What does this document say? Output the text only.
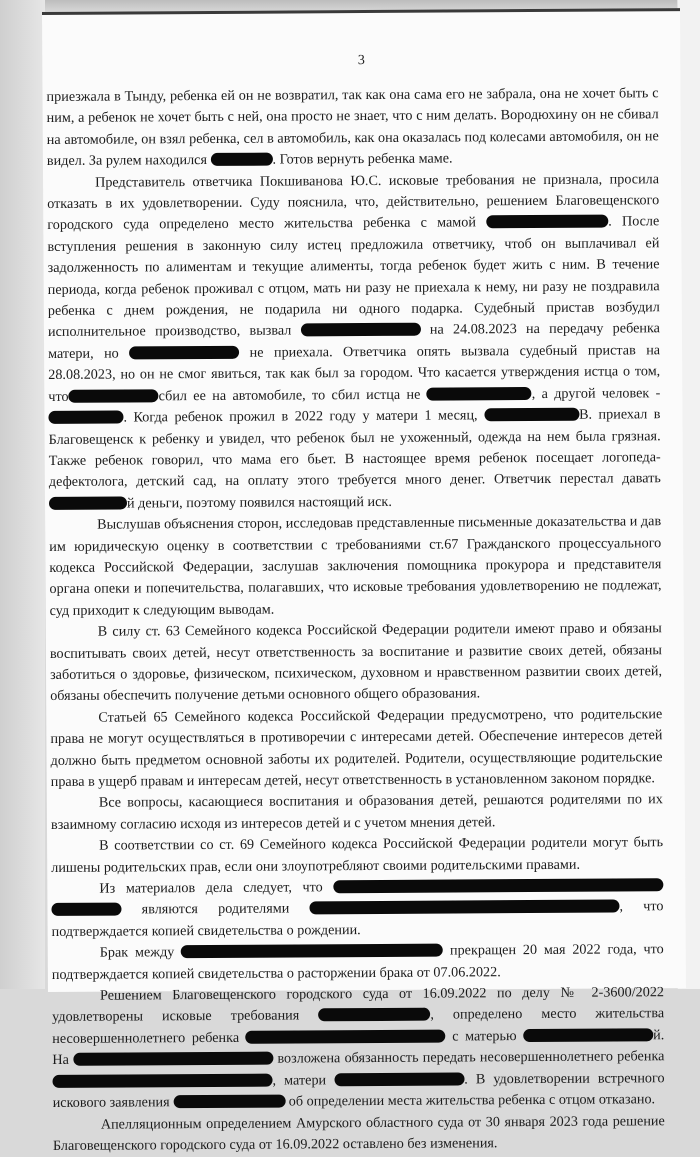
3

приезжала в Тынду, ребенка ей он не возвратил, так как она сама его не забрала, она не хочет быть с ним, а ребенок не хочет быть с ней, она просто не знает, что с ним делать. Вородюхину он не сбивал на автомобиле, он взял ребенка, сел в автомобиль, как она оказалась под колесами автомобиля, он не видел. За рулем находился	. Готов вернуть ребенка маме.

Представитель ответчика Покшиванова Ю.С. исковые требования не признала, просила отказать в их удовлетворении. Суду пояснила, что, действительно, решением Благовещенского городского суда определено место жительства ребенка с мамой	. После вступления решения в законную силу истец предложила ответчику, чтоб он выплачивал ей задолженность по алиментам и текущие алименты, тогда ребенок будет жить с ним. В течение периода, когда ребенок проживал с отцом, мать ни разу не приехала к нему, ни разу не поздравила ребенка с днем рождения, не подарила ни одного подарка. Судебный пристав возбудил исполнительное производство, вызвал	на 24.08.2023 на передачу ребенка матери, но	не приехала. Ответчика опять вызвала судебный пристав на 28.08.2023, но он не смог явиться, так как был за городом. Что касается утверждения истца о том, что	сбил ее на автомобиле, то сбил истца не	, а другой человек - . Когда ребенок прожил в 2022 году у матери 1 месяц,	В. приехал в Благовещенск к ребенку и увидел, что ребенок был не ухоженный, одежда на нем была грязная. Также ребенок говорил, что мама его бьет. В настоящее время ребенок посещает логопеда-дефектолога, детский сад, на оплату этого требуется много денег. Ответчик перестал давать й деньги, поэтому появился настоящий иск.

Выслушав объяснения сторон, исследовав представленные письменные доказательства и дав им юридическую оценку в соответствии с требованиями ст.67 Гражданского процессуального кодекса Российской Федерации, заслушав заключения помощника прокурора и представителя органа опеки и попечительства, полагавших, что исковые требования удовлетворению не подлежат, суд приходит к следующим выводам.

В силу ст. 63 Семейного кодекса Российской Федерации родители имеют право и обязаны воспитывать своих детей, несут ответственность за воспитание и развитие своих детей, обязаны заботиться о здоровье, физическом, психическом, духовном и нравственном развитии своих детей, обязаны обеспечить получение детьми основного общего образования.

Статьей 65 Семейного кодекса Российской Федерации предусмотрено, что родительские права не могут осуществляться в противоречии с интересами детей. Обеспечение интересов детей должно быть предметом основной заботы их родителей. Родители, осуществляющие родительские права в ущерб правам и интересам детей, несут ответственность в установленном законом порядке.

Все вопросы, касающиеся воспитания и образования детей, решаются родителями по их взаимному согласию исходя из интересов детей и с учетом мнения детей.

В соответствии со ст. 69 Семейного кодекса Российской Федерации родители могут быть лишены родительских прав, если они злоупотребляют своими родительскими правами.

Из материалов дела следует, что   являются родителями	, что подтверждается копией свидетельства о рождении.

Брак между	прекращен 20 мая 2022 года, что подтверждается копией свидетельства о расторжении брака от 07.06.2022.

Решением Благовещенского городского суда от 16.09.2022 по делу № 2-3600/2022 удовлетворены исковые требования	, определено место жительства несовершеннолетнего ребенка	с матерью	й. На	возложена обязанность передать несовершеннолетнего ребенка , матери	. В удовлетворении встречного искового заявления	об определении места жительства ребенка с отцом отказано.

Апелляционным определением Амурского областного суда от 30 января 2023 года решение Благовещенского городского суда от 16.09.2022 оставлено без изменения.
